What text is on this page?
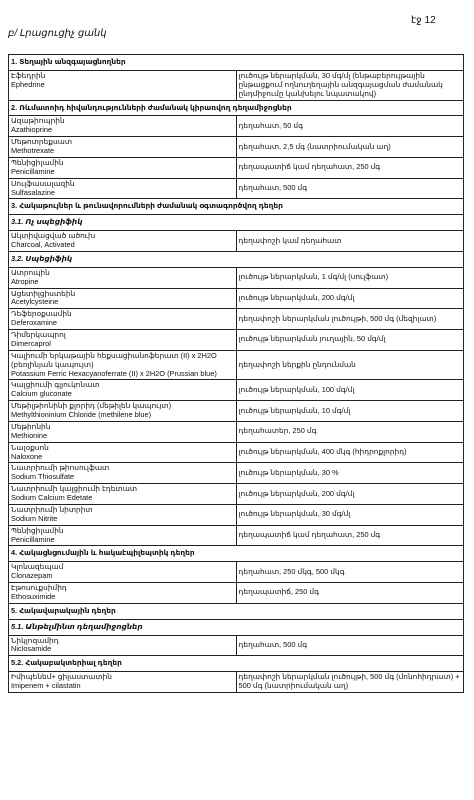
էջ 12
բ/ Լրացուցիչ ցանկ
1. Տեղային անզգայացնողներ	

Էֆեդրին
Ephedrine	լուծույթ ներարկման, 30 մգ/մլ (ենթաբերույթային ընթացքում ողնուղեղային անզգայացման ժամանակ ընդմիջումը կանխելու նպատակով)
2. Ռևմատոիդ հիվանդությունների ժամանակ կիրառվող դեղամիջոցներ	

Ազաթիոպրին
Azathioprine	դեղահատ, 50 մգ

Մեթոտրեքսատ
Methotrexate	դեղահատ, 2,5 մգ (նատրիումական աղ)

Պենիցիլամին
Penicillamine	դեղապատիճ կամ դեղահատ, 250 մգ

Սուլֆասալազին
Sulfasalazine	դեղահատ, 500 մգ
3. Հակաթույներ և թունավորումների ժամանակ օգտագործվող դեղեր	
3.1. Ոչ սպեցիֆիկ	

Ակտիվացված ածուխ
Charcoal, Activated	դեղափոշի կամ դեղահատ
3.2. Սպեցիֆիկ	

Ատրոպին
Atropine	լուծույթ ներարկման, 1 մգ/մլ (սուլֆատ)

Ացետիլցիստեին
Acetylcysteine	լուծույթ ներարկման, 200 մգ/մլ

Դեֆերօքսամին
Deferoxamine	դեղափոշի ներարկման լուծույթի, 500 մգ (մեզիլատ)

Դիմերկապրոլ
Dimercaprol	լուծույթ ներարկման յուղային, 50 մգ/մլ

Կալիումի երկաթային հեքսացիանոֆերատ (II) x 2H2O (բեռլինյան կապույտ)
Potassium Ferric Hexacyanoferrate (II) x 2H2O (Prussian blue)	դեղափոշի ներքին ընդունման

Կալցիումի գլյուկոնատ
Calcium gluconate	լուծույթ ներարկման, 100 մգ/մլ

Մեթիլթիոնինի քլորիդ (մեթիլեն կապույտ)
Methylthioninium Chloride (methilene blue)	լուծույթ ներարկման, 10 մգ/մլ

Մեթիոնին
Methionine	դեղահատեր, 250 մգ

Նալօքսոն
Naloxone	լուծույթ ներարկման, 400 մկգ (հիդրոքլորիդ)

Նատրիումի թիոսուլֆատ
Sodium Thiosulfate	լուծույթ ներարկման, 30 %

Նատրիումի կալցիումի էդետատ
Sodium Calcium Edetate	լուծույթ ներարկման, 200 մգ/մլ

Նատրիումի նիտրիտ
Sodium Nitrite	լուծույթ ներարկման, 30 մգ/մլ

Պենիցիլամին
Penicillamine	դեղապատիճ կամ դեղահատ, 250 մգ
4. Հակացնցումային և հակաէպիլեպտիկ դեղեր	

Կլոնազեպամ
Clonazepam	դեղահատ, 250 մկգ, 500 մկգ

Էթոսուքսիմիդ
Ethosuximide	դեղապատիճ, 250 մգ
5. Հակավարակային դեղեր	
5.1. Անթելմինտ դեղամիջոցներ	

Նիկլոզամիդ
Niclosamide	դեղահատ, 500 մգ
5.2. Հակաբակտերիալ դեղեր	

Իմիպենեմ+ ցիլաստատին
Imipenem + cilastatin	դեղափոշի ներարկման լուծույթի, 500 մգ (մոնոհիդրատ) + 500 մգ (նատրիումական աղ)
